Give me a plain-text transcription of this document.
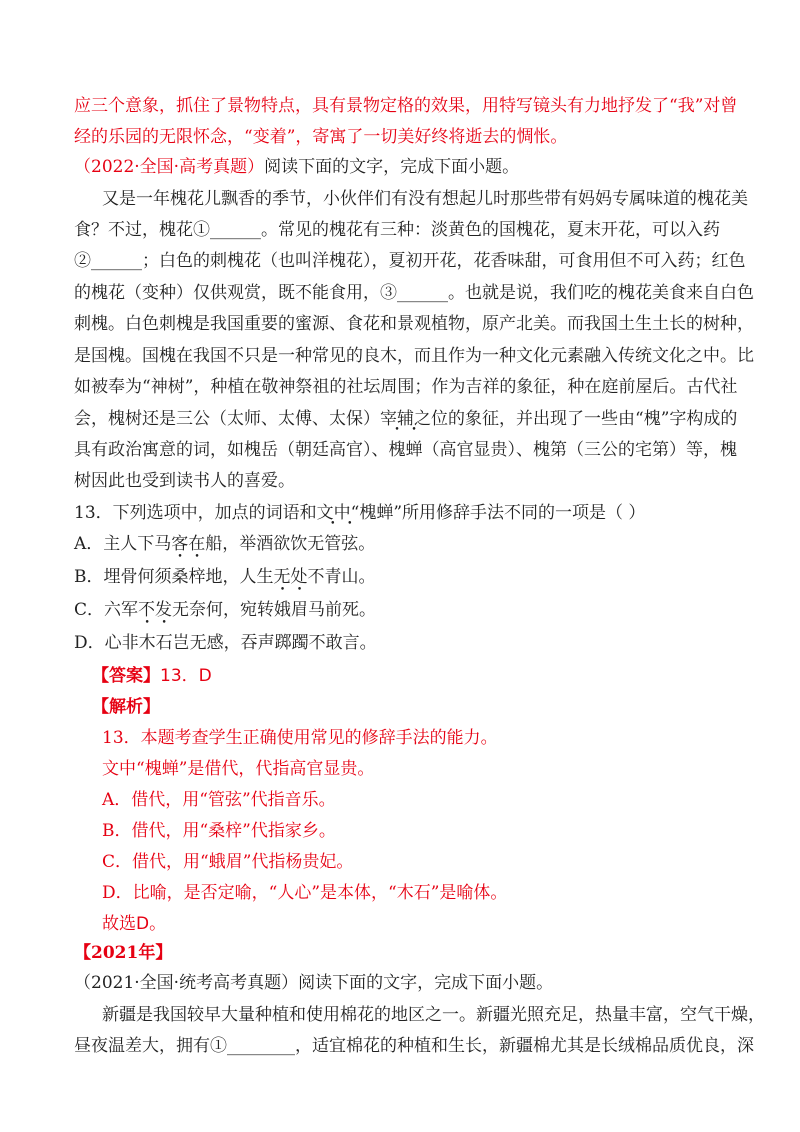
应三个意象，抓住了景物特点，具有景物定格的效果，用特写镜头有力地抒发了“我”对曾
经的乐园的无限怀念，“变着”，寄寓了一切美好终将逝去的惆怅。
（2022·全国·高考真题）阅读下面的文字，完成下面小题。
又是一年槐花儿飘香的季节，小伙伴们有没有想起儿时那些带有妈妈专属味道的槐花美
食？不过，槐花①______。常见的槐花有三种：淡黄色的国槐花，夏末开花，可以入药
②______；白色的刺槐花（也叫洋槐花），夏初开花，花香味甜，可食用但不可入药；红色
的槐花（变种）仅供观赏，既不能食用，③______。也就是说，我们吃的槐花美食来自白色
刺槐。白色刺槐是我国重要的蜜源、食花和景观植物，原产北美。而我国土生土长的树种，
是国槐。国槐在我国不只是一种常见的良木，而且作为一种文化元素融入传统文化之中。比
如被奉为“神树”，种植在敬神祭祖的社坛周围；作为吉祥的象征，种在庭前屋后。古代社
会，槐树还是三公（太师、太傅、太保）宰辅之位的象征，并出现了一些由“槐”字构成的
具有政治寓意的词，如槐岳（朝廷高官）、槐蝉（高官显贵）、槐第（三公的宅第）等，槐
树因此也受到读书人的喜爱。
13．下列选项中，加点的词语和文中“槐蝉”所用修辞手法不同的一项是（ ）
A．主人下马客在船，举酒欲饮无管弦。
B．埋骨何须桑梓地，人生无处不青山。
C．六军不发无奈何，宛转娥眉马前死。
D．心非木石岂无感，吞声踯躅不敢言。
【答案】13．D
【解析】
13．本题考查学生正确使用常见的修辞手法的能力。
文中“槐蝉”是借代，代指高官显贵。
A．借代，用“管弦”代指音乐。
B．借代，用“桑梓”代指家乡。
C．借代，用“蛾眉”代指杨贵妃。
D．比喻，是否定喻，“人心”是本体，“木石”是喻体。
故选D。
【2021年】
（2021·全国·统考高考真题）阅读下面的文字，完成下面小题。
新疆是我国较早大量种植和使用棉花的地区之一。新疆光照充足，热量丰富，空气干燥，
昼夜温差大，拥有①________，适宜棉花的种植和生长，新疆棉尤其是长绒棉品质优良，深
